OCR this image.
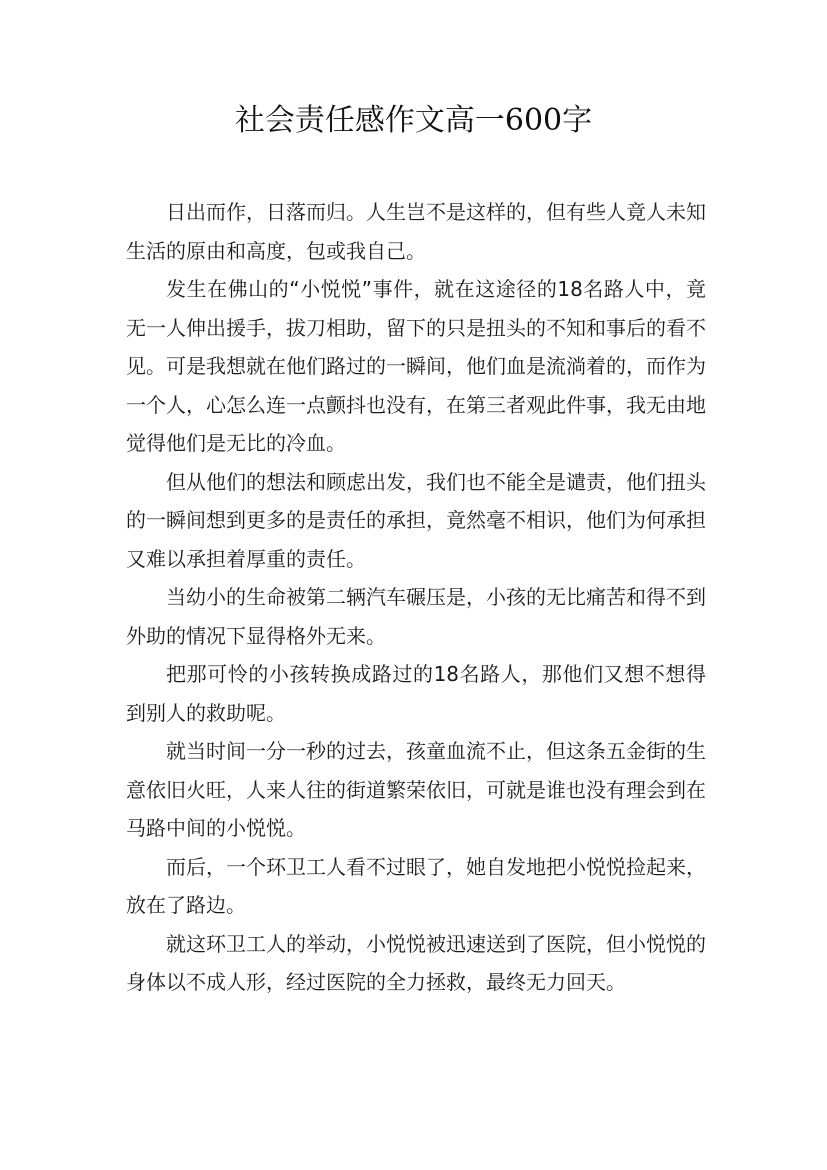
社会责任感作文高一600字

日出而作，日落而归。人生岂不是这样的，但有些人竟人未知生活的原由和高度，包或我自己。

发生在佛山的“小悦悦”事件，就在这途径的18名路人中，竟无一人伸出援手，拔刀相助，留下的只是扭头的不知和事后的看不见。可是我想就在他们路过的一瞬间，他们血是流淌着的，而作为一个人，心怎么连一点颤抖也没有，在第三者观此件事，我无由地觉得他们是无比的冷血。

但从他们的想法和顾虑出发，我们也不能全是谴责，他们扭头的一瞬间想到更多的是责任的承担，竟然毫不相识，他们为何承担又难以承担着厚重的责任。

当幼小的生命被第二辆汽车碾压是，小孩的无比痛苦和得不到外助的情况下显得格外无来。

把那可怜的小孩转换成路过的18名路人，那他们又想不想得到别人的救助呢。

就当时间一分一秒的过去，孩童血流不止，但这条五金街的生意依旧火旺，人来人往的街道繁荣依旧，可就是谁也没有理会到在马路中间的小悦悦。

而后，一个环卫工人看不过眼了，她自发地把小悦悦捡起来，放在了路边。

就这环卫工人的举动，小悦悦被迅速送到了医院，但小悦悦的身体以不成人形，经过医院的全力拯救，最终无力回天。
